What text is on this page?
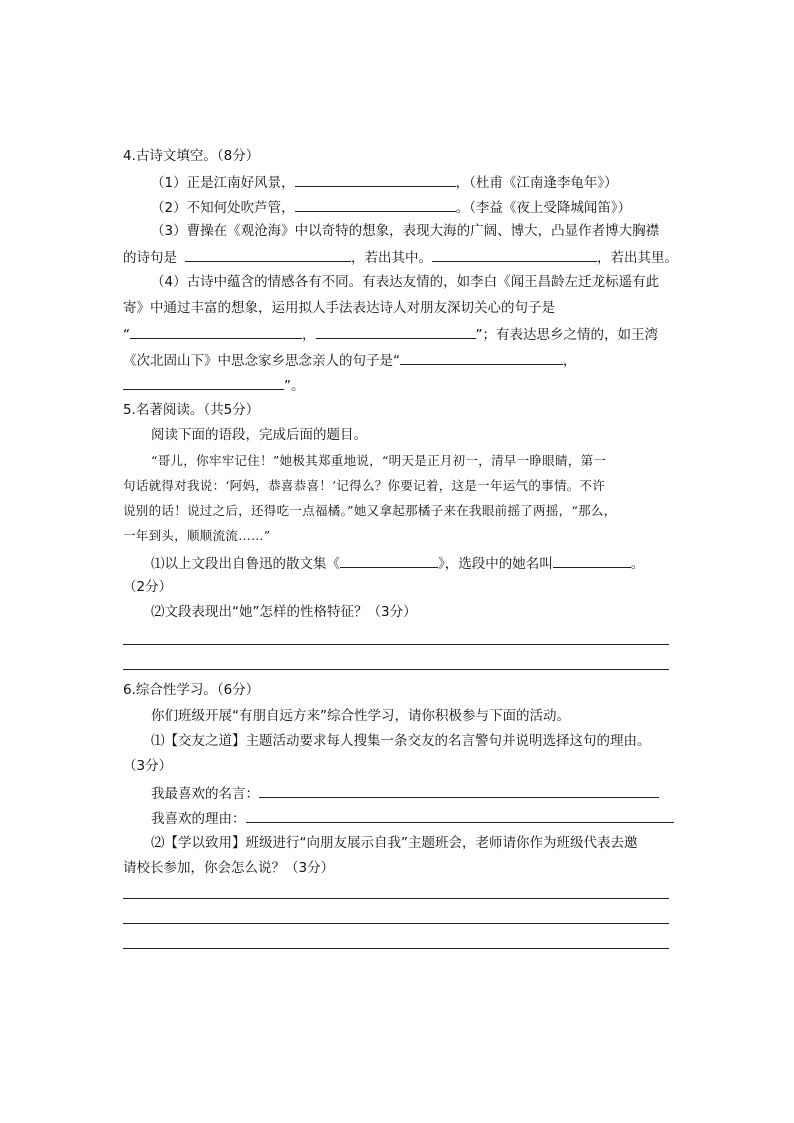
4.古诗文填空。（8分）
（1）正是江南好风景，	，（杜甫《江南逢李龟年》）
（2）不知何处吹芦管，	。（李益《夜上受降城闻笛》）
（3）曹操在《观沧海》中以奇特的想象，表现大海的广阔、博大，凸显作者博大胸襟
的诗句是	，若出其中。	，若出其里。
（4）古诗中蕴含的情感各有不同。有表达友情的，如李白《闻王昌龄左迁龙标遥有此
寄》中通过丰富的想象，运用拟人手法表达诗人对朋友深切关心的句子是
“	，	”；有表达思乡之情的，如王湾
《次北固山下》中思念家乡思念亲人的句子是“	，
”。
5.名著阅读。（共5分）
阅读下面的语段，完成后面的题目。
“哥儿，你牢牢记住！”她极其郑重地说，“明天是正月初一，清早一睁眼睛，第一
句话就得对我说：‘阿妈，恭喜恭喜！’记得么？你要记着，这是一年运气的事情。不许
说别的话！说过之后，还得吃一点福橘。”她又拿起那橘子来在我眼前摇了两摇，“那么，
一年到头，顺顺流流……”
⑴以上文段出自鲁迅的散文集《	》，选段中的她名叫	。
（2分）
⑵文段表现出“她”怎样的性格特征？（3分）
6.综合性学习。（6分）
你们班级开展“有朋自远方来”综合性学习，请你积极参与下面的活动。
⑴【交友之道】主题活动要求每人搜集一条交友的名言警句并说明选择这句的理由。
（3分）
我最喜欢的名言：
我喜欢的理由：
⑵【学以致用】班级进行“向朋友展示自我”主题班会，老师请你作为班级代表去邀
请校长参加，你会怎么说？（3分）
